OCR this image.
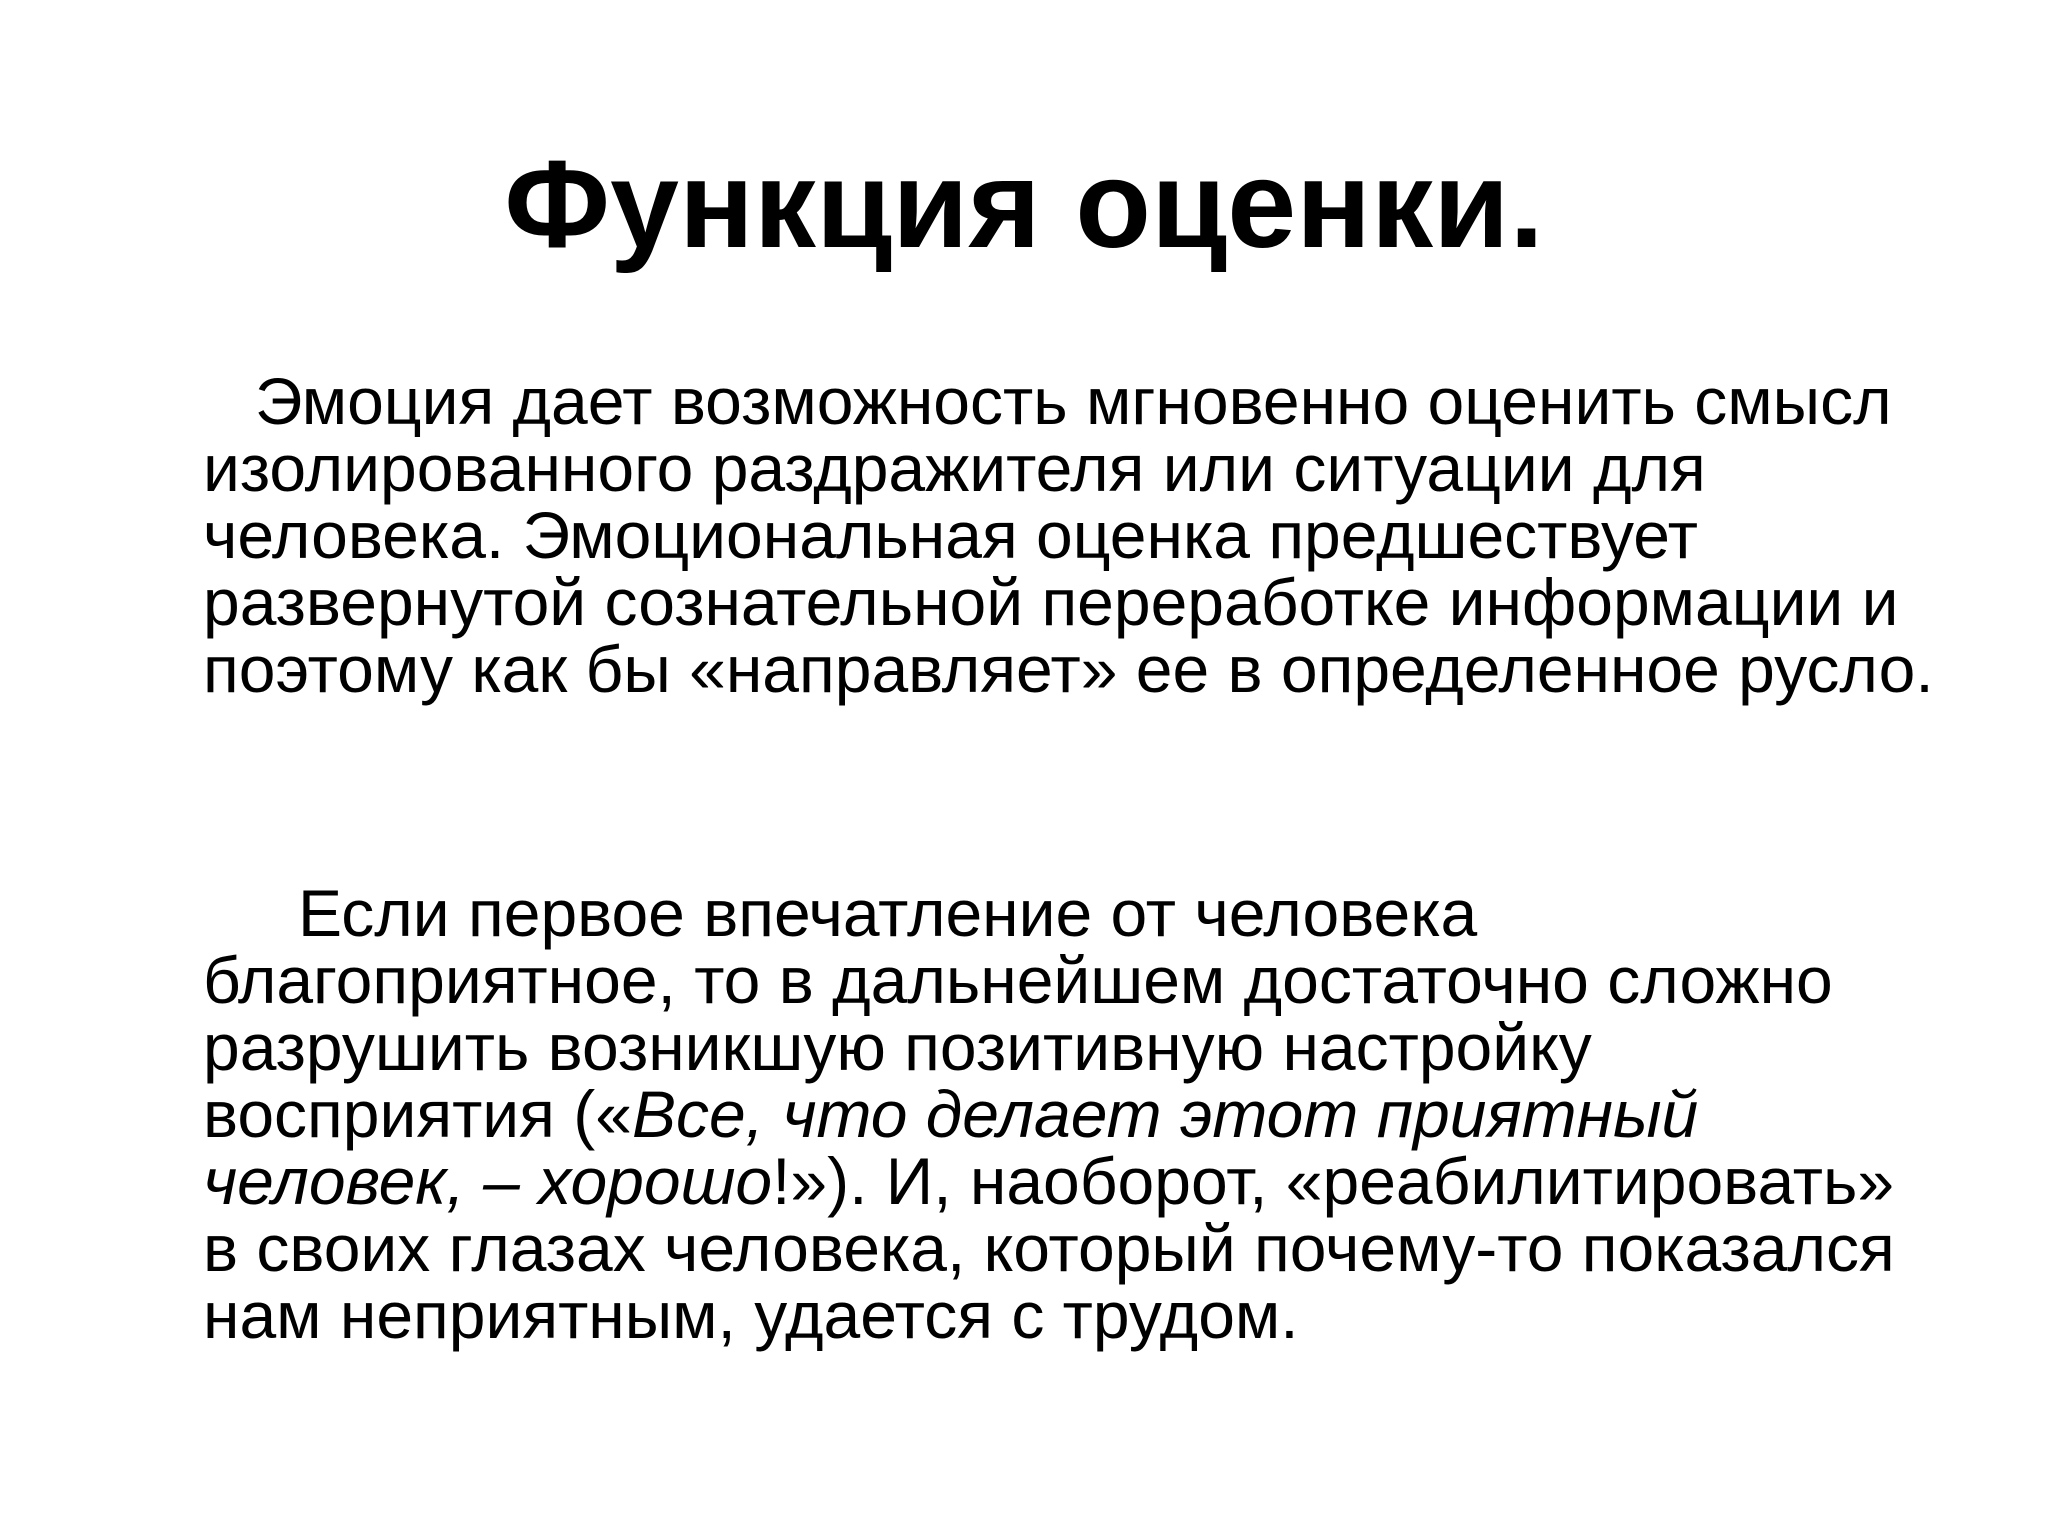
Функция оценки.
Эмоция дает возможность мгновенно оценить смысл
изолированного раздражителя или ситуации для
человека. Эмоциональная оценка предшествует
развернутой сознательной переработке информации и
поэтому как бы «направляет» ее в определенное русло.
Если первое впечатление от человека
благоприятное, то в дальнейшем достаточно сложно
разрушить возникшую позитивную настройку
восприятия («Все, что делает этот приятный
человек, – хорошо!»). И, наоборот, «реабилитировать»
в своих глазах человека, который почему-то показался
нам неприятным, удается с трудом.
